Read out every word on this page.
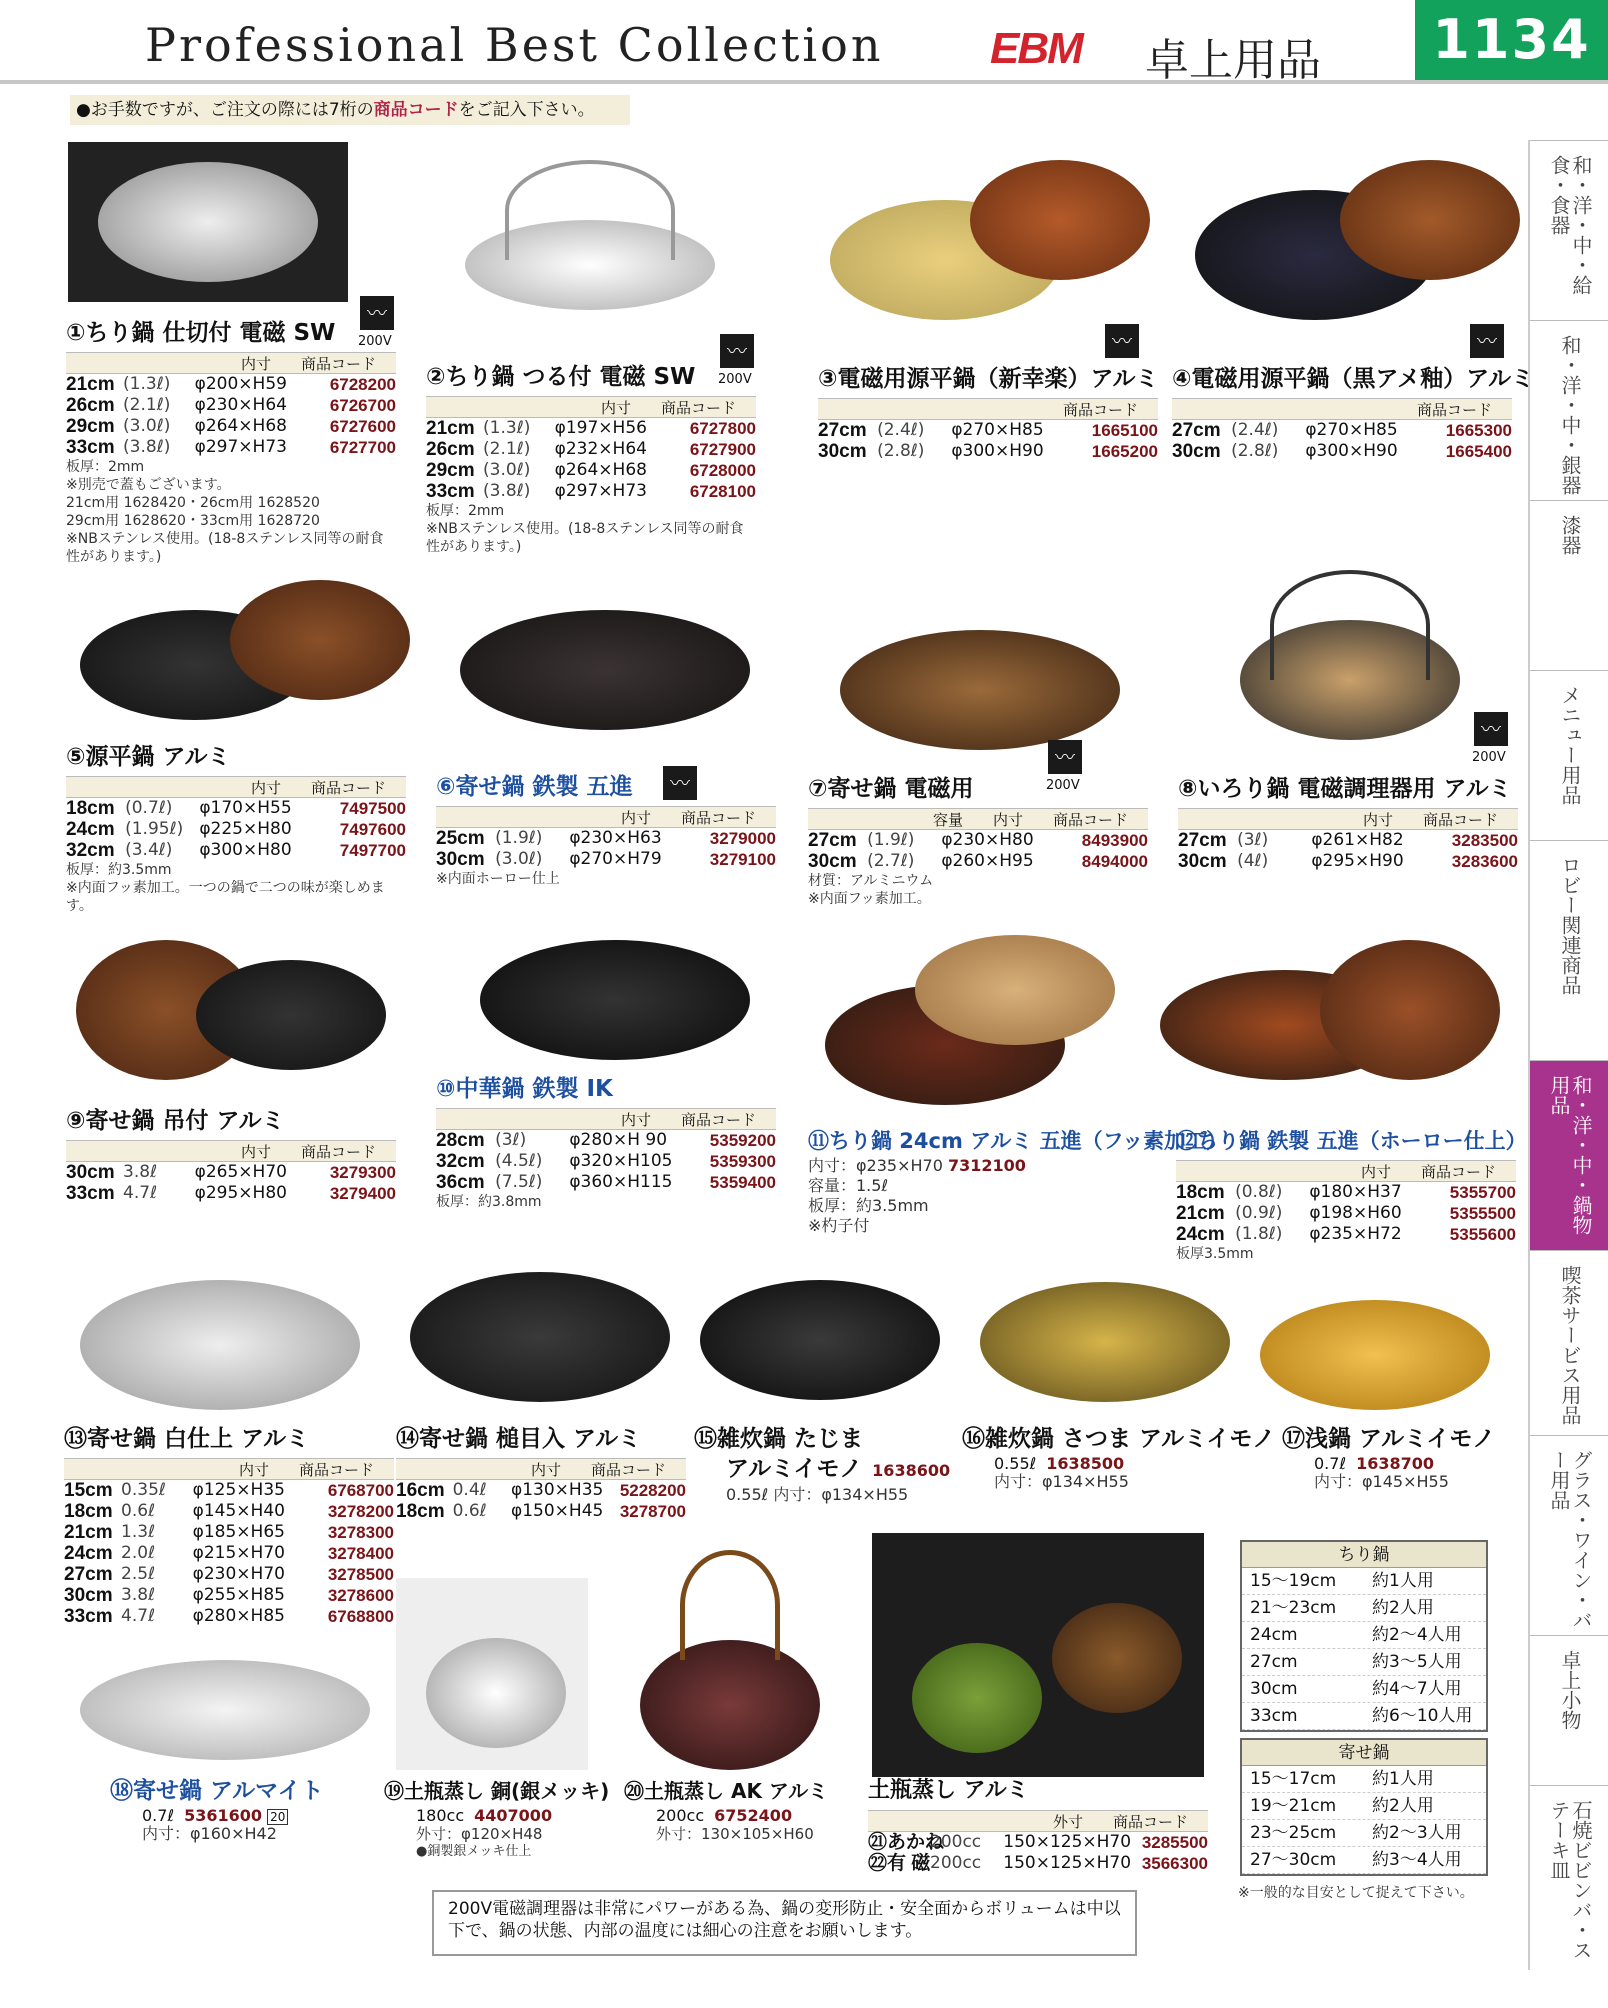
Professional Best Collection EBM 卓上用品	1134
●お手数ですが、ご注文の際には7桁の商品コードをご記入下さい。
和・洋・中・給食・食器
和・洋・中・銀器
漆器
メニュー用品
ロビー関連商品
和・洋・中・鍋物用品
喫茶サービス用品
グラス・ワイン・バー用品
卓上小物
石焼ビビンバ・ステーキ皿
①ちり鍋 仕切付 電磁 SW
内寸 商品コード
21cm (1.3ℓ)	φ200×H59	6728200
26cm (2.1ℓ)	φ230×H64	6726700
29cm (3.0ℓ)	φ264×H68	6727600
33cm (3.8ℓ)	φ297×H73	6727700
板厚：2mm
※別売で蓋もございます。
21cm用 1628420・26cm用 1628520
29cm用 1628620・33cm用 1628720
※NBステンレス使用。(18-8ステンレス同等の耐食性があります。)
〰
200V
②ちり鍋 つる付 電磁 SW
内寸 商品コード
21cm (1.3ℓ)	φ197×H56	6727800
26cm (2.1ℓ)	φ232×H64	6727900
29cm (3.0ℓ)	φ264×H68	6728000
33cm (3.8ℓ)	φ297×H73	6728100
板厚：2mm
※NBステンレス使用。(18-8ステンレス同等の耐食性があります。)
〰
200V	③電磁用源平鍋（新幸楽）アルミ
商品コード
27cm (2.4ℓ)	φ270×H85	1665100
30cm (2.8ℓ)	φ300×H90	1665200
〰
④電磁用源平鍋（黒アメ釉）アルミ
商品コード
27cm (2.4ℓ)	φ270×H85	1665300
30cm (2.8ℓ)	φ300×H90	1665400
〰
⑤源平鍋 アルミ
内寸 商品コード
18cm (0.7ℓ)	φ170×H55	7497500
24cm (1.95ℓ) φ225×H80	7497600
32cm (3.4ℓ)	φ300×H80	7497700
板厚：約3.5mm
※内面フッ素加工。一つの鍋で二つの味が楽しめます。
⑥寄せ鍋 鉄製 五進
内寸 商品コード
25cm (1.9ℓ)	φ230×H63	3279000
30cm (3.0ℓ)	φ270×H79	3279100
※内面ホーロー仕上
〰	⑦寄せ鍋 電磁用
容量 内寸 商品コード
27cm (1.9ℓ)	φ230×H80	8493900
30cm (2.7ℓ)	φ260×H95	8494000
材質：アルミニウム
※内面フッ素加工。
〰
200V	⑧いろり鍋 電磁調理器用 アルミ
内寸 商品コード
27cm (3ℓ)	φ261×H82	3283500
30cm (4ℓ)	φ295×H90	3283600
〰
200V
⑨寄せ鍋 吊付 アルミ
内寸 商品コード
30cm 3.8ℓ	φ265×H70	3279300
33cm 4.7ℓ	φ295×H80	3279400
⑩中華鍋 鉄製 IK
内寸 商品コード
28cm (3ℓ)	φ280×H 90	5359200
32cm (4.5ℓ)	φ320×H105	5359300
36cm (7.5ℓ)	φ360×H115	5359400
板厚：約3.8mm
⑪ちり鍋 24cm アルミ 五進（フッ素加工）
内寸：φ235×H70 7312100
容量：1.5ℓ
板厚：約3.5mm
※杓子付
⑫ちり鍋 鉄製 五進（ホーロー仕上）
内寸 商品コード
18cm (0.8ℓ)	φ180×H37	5355700
21cm (0.9ℓ)	φ198×H60	5355500
24cm (1.8ℓ)	φ235×H72	5355600
板厚3.5mm
⑬寄せ鍋 白仕上 アルミ
内寸 商品コード
15cm 0.35ℓ	φ125×H35	6768700
18cm 0.6ℓ	φ145×H40	3278200
21cm 1.3ℓ	φ185×H65	3278300
24cm 2.0ℓ	φ215×H70	3278400
27cm 2.5ℓ	φ230×H70	3278500
30cm 3.8ℓ	φ255×H85	3278600
33cm 4.7ℓ	φ280×H85	6768800
⑭寄せ鍋 槌目入 アルミ
内寸 商品コード
16cm 0.4ℓ	φ130×H35 5228200
18cm 0.6ℓ	φ150×H45 3278700
⑮雑炊鍋 たじま
アルミイモノ 1638600
0.55ℓ 内寸：φ134×H55
⑯雑炊鍋 さつま アルミイモノ
0.55ℓ 1638500
内寸：φ134×H55
⑰浅鍋 アルミイモノ
0.7ℓ 1638700
内寸：φ145×H55
⑱寄せ鍋 アルマイト
0.7ℓ 5361600 20
内寸：φ160×H42
⑲土瓶蒸し 銅(銀メッキ)
180cc 4407000
外寸：φ120×H48
●銅製銀メッキ仕上
⑳土瓶蒸し AK アルミ
200cc 6752400
外寸：130×105×H60
土瓶蒸し アルミ
外寸 商品コード
㉑あかね
200cc	150×125×H70 3285500
㉒有 磁 200cc	150×125×H70 3566300
ちり鍋
15〜19cm	約1人用
21〜23cm	約2人用
24cm	約2〜4人用
27cm	約3〜5人用
30cm	約4〜7人用
33cm	約6〜10人用
寄せ鍋
15〜17cm	約1人用
19〜21cm	約2人用
23〜25cm	約2〜3人用
27〜30cm	約3〜4人用
※一般的な目安として捉えて下さい。
200V電磁調理器は非常にパワーがある為、鍋の変形防止・安全面からボリュームは中以下で、鍋の状態、内部の温度には細心の注意をお願いします。
